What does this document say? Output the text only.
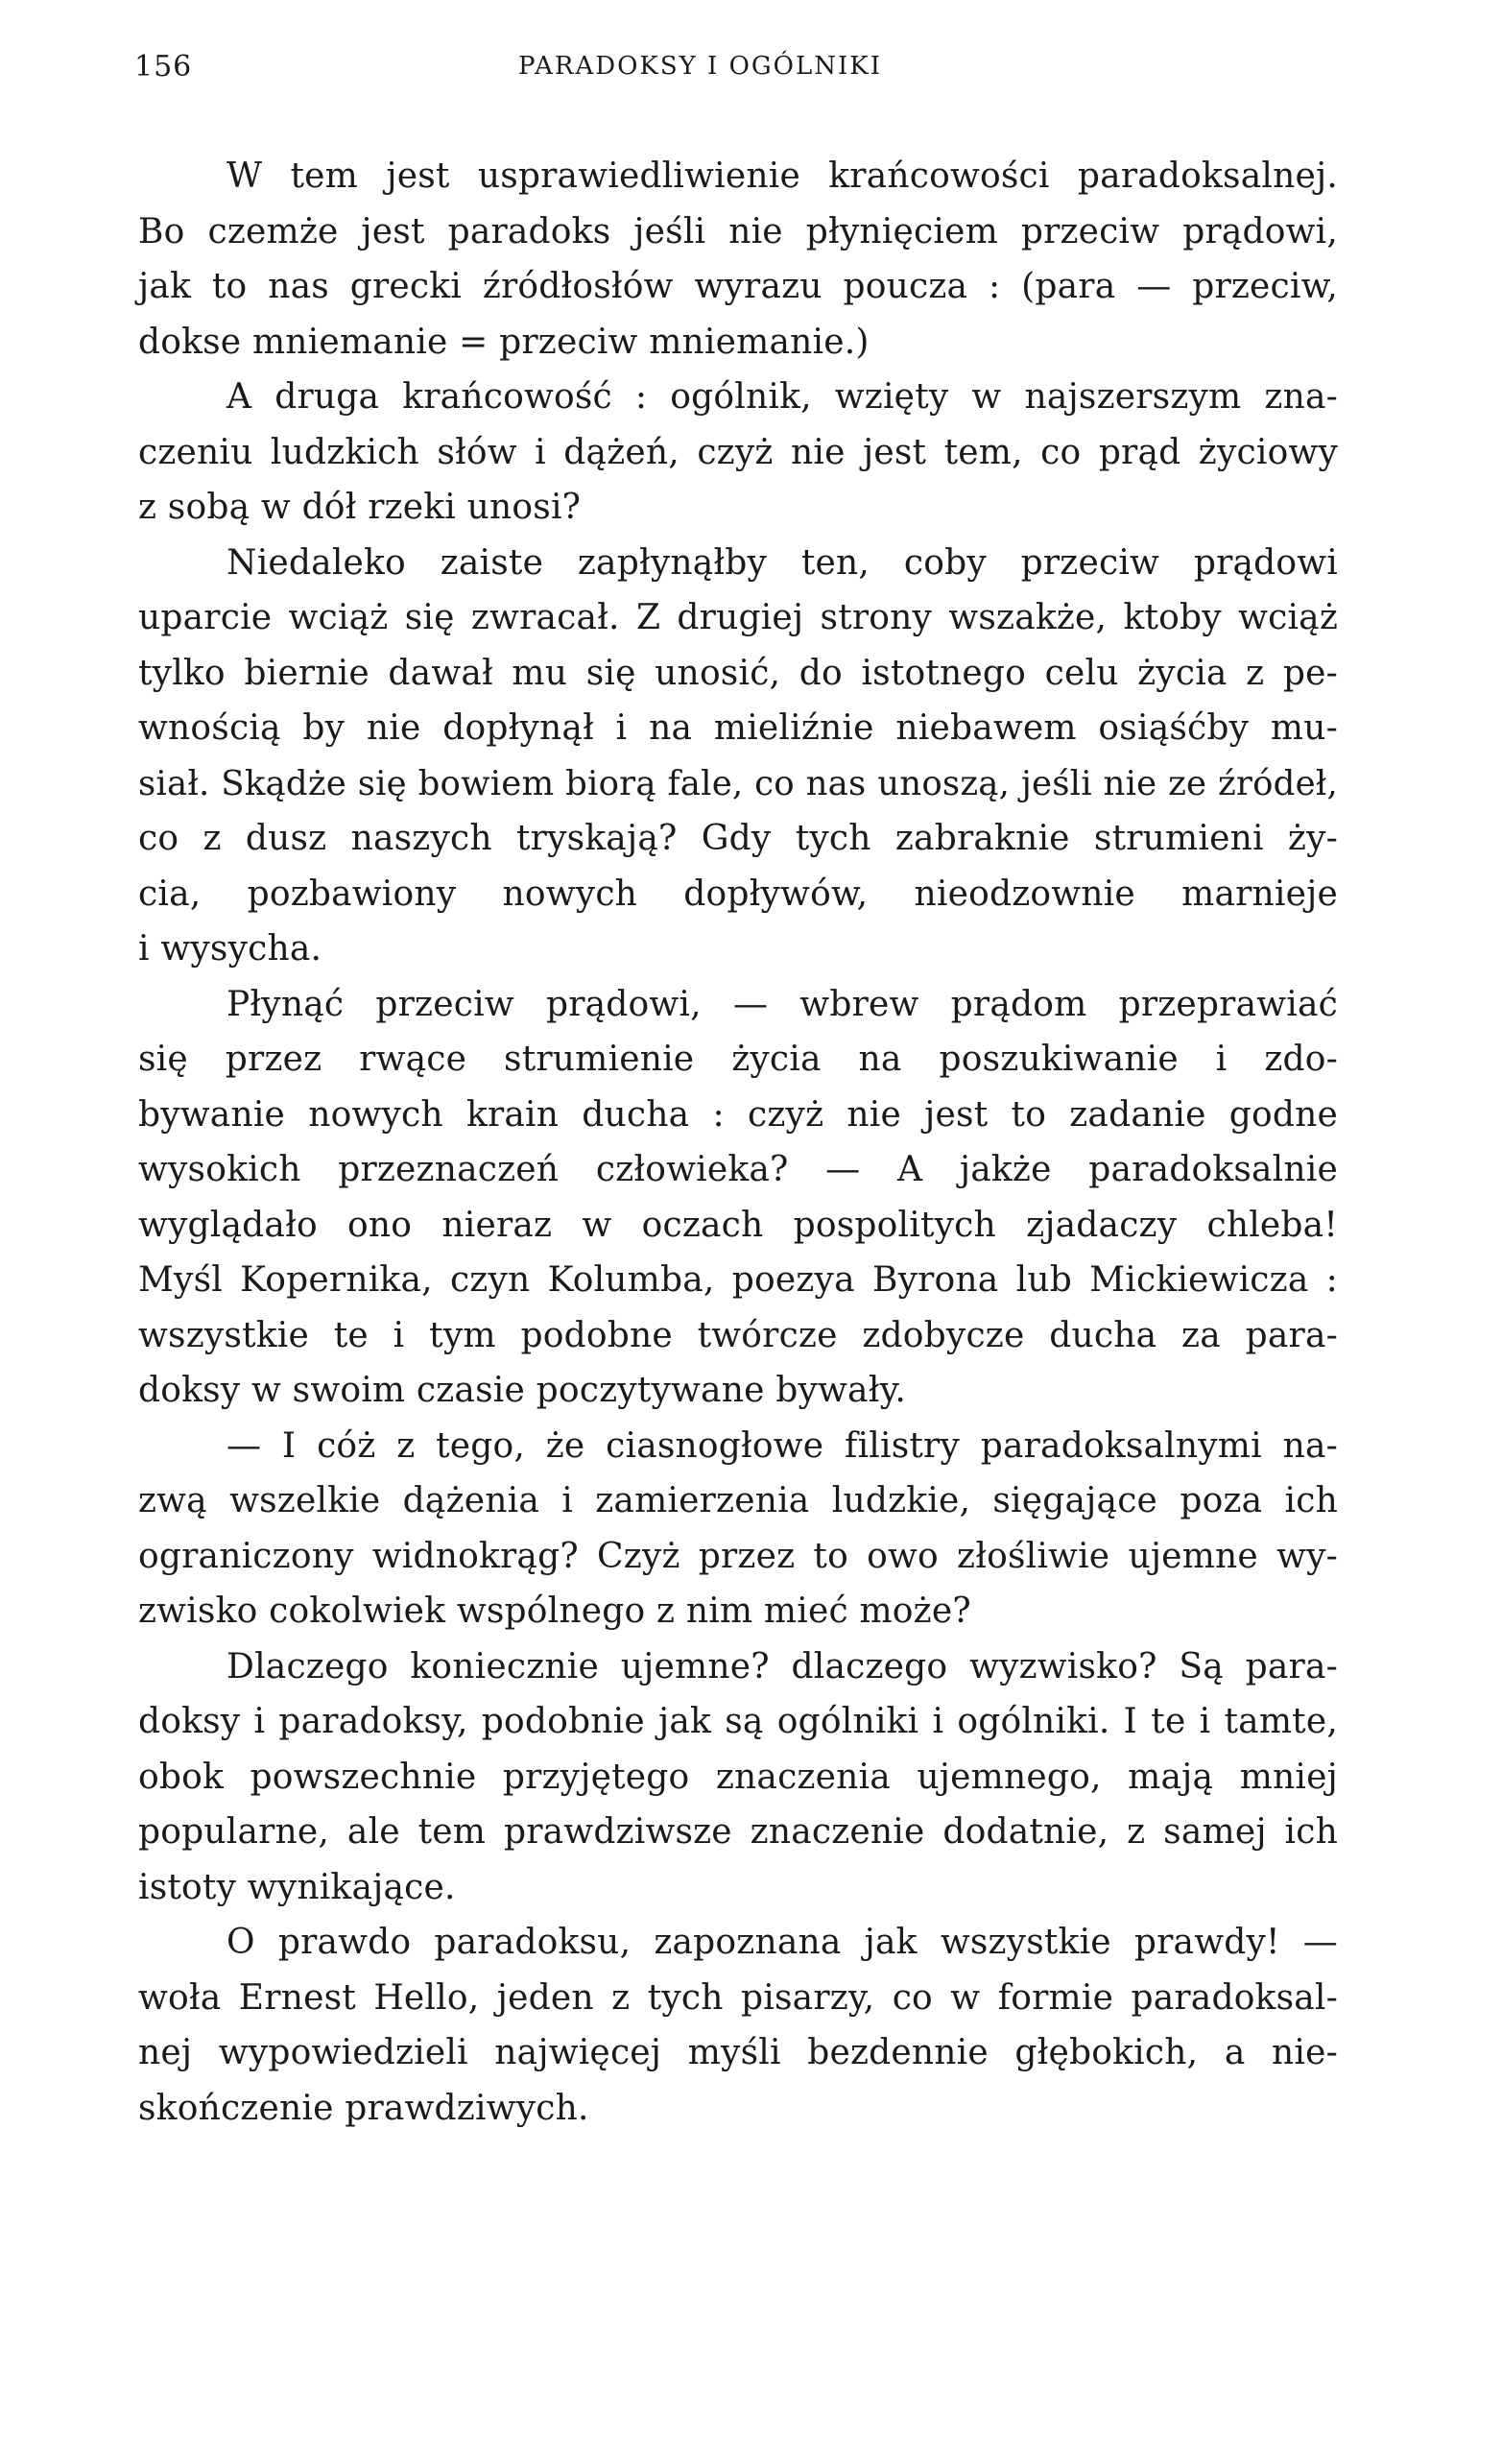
156	PARADOKSY I OGÓLNIKI
W tem jest usprawiedliwienie krańcowości paradoksalnej.
Bo czemże jest paradoks jeśli nie płynięciem przeciw prądowi,
jak to nas grecki źródłosłów wyrazu poucza : (para — przeciw,
dokse mniemanie = przeciw mniemanie.)
A druga krańcowość : ogólnik, wzięty w najszerszym zna-
czeniu ludzkich słów i dążeń, czyż nie jest tem, co prąd życiowy
z sobą w dół rzeki unosi?
Niedaleko zaiste zapłynąłby ten, coby przeciw prądowi
uparcie wciąż się zwracał. Z drugiej strony wszakże, ktoby wciąż
tylko biernie dawał mu się unosić, do istotnego celu życia z pe-
wnością by nie dopłynął i na mieliźnie niebawem osiąśćby mu-
siał. Skądże się bowiem biorą fale, co nas unoszą, jeśli nie ze źródeł,
co z dusz naszych tryskają? Gdy tych zabraknie strumieni ży-
cia, pozbawiony nowych dopływów, nieodzownie marnieje
i wysycha.
Płynąć przeciw prądowi, — wbrew prądom przeprawiać
się przez rwące strumienie życia na poszukiwanie i zdo-
bywanie nowych krain ducha : czyż nie jest to zadanie godne
wysokich przeznaczeń człowieka? — A jakże paradoksalnie
wyglądało ono nieraz w oczach pospolitych zjadaczy chleba!
Myśl Kopernika, czyn Kolumba, poezya Byrona lub Mickiewicza :
wszystkie te i tym podobne twórcze zdobycze ducha za para-
doksy w swoim czasie poczytywane bywały.
— I cóż z tego, że ciasnogłowe filistry paradoksalnymi na-
zwą wszelkie dążenia i zamierzenia ludzkie, sięgające poza ich
ograniczony widnokrąg? Czyż przez to owo złośliwie ujemne wy-
zwisko cokolwiek wspólnego z nim mieć może?
Dlaczego koniecznie ujemne? dlaczego wyzwisko? Są para-
doksy i paradoksy, podobnie jak są ogólniki i ogólniki. I te i tamte,
obok powszechnie przyjętego znaczenia ujemnego, mają mniej
popularne, ale tem prawdziwsze znaczenie dodatnie, z samej ich
istoty wynikające.
O prawdo paradoksu, zapoznana jak wszystkie prawdy! —
woła Ernest Hello, jeden z tych pisarzy, co w formie paradoksal-
nej wypowiedzieli najwięcej myśli bezdennie głębokich, a nie-
skończenie prawdziwych.
